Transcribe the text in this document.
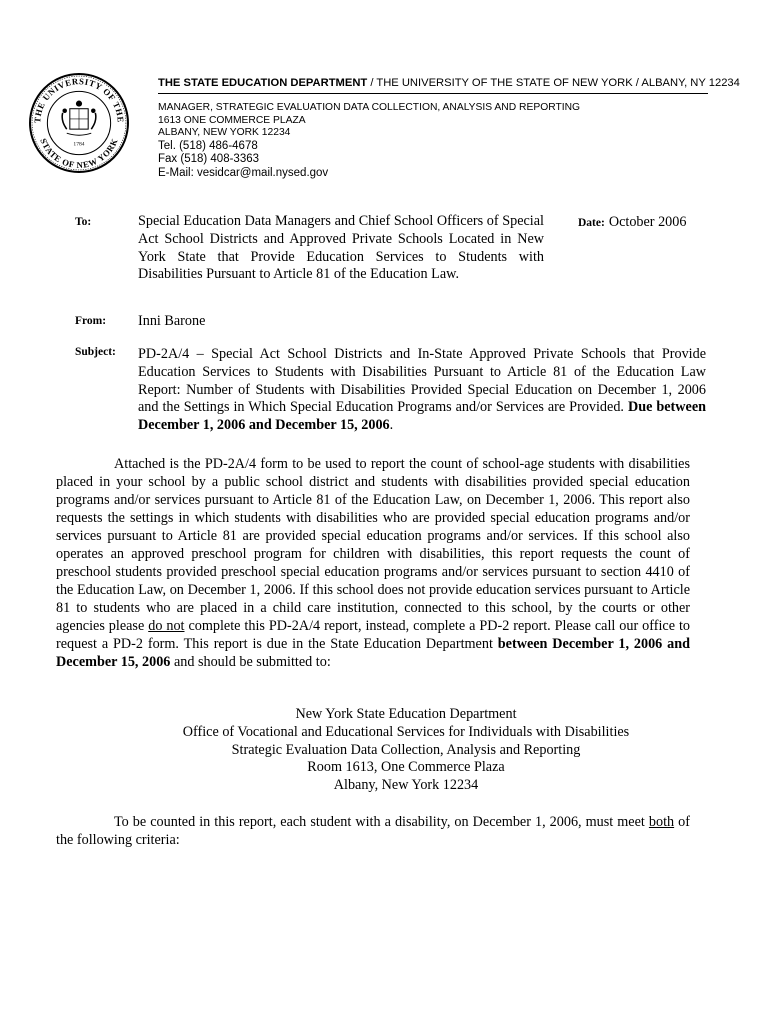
THE UNIVERSITY OF THE
STATE OF NEW YORK
1784
THE STATE EDUCATION DEPARTMENT / THE UNIVERSITY OF THE STATE OF NEW YORK / ALBANY, NY 12234
MANAGER, STRATEGIC EVALUATION DATA COLLECTION, ANALYSIS AND REPORTING
1613 ONE COMMERCE PLAZA
ALBANY, NEW YORK 12234
Tel. (518) 486-4678
Fax (518) 408-3363
E-Mail: vesidcar@mail.nysed.gov
To:	Special Education Data Managers and Chief School Officers of Special Act School Districts and Approved Private Schools Located in New York State that Provide Education Services to Students with Disabilities Pursuant to Article 81 of the Education Law.
Date: October 2006
From: Inni Barone
Subject: PD-2A/4 – Special Act School Districts and In-State Approved Private Schools that Provide Education Services to Students with Disabilities Pursuant to Article 81 of the Education Law Report: Number of Students with Disabilities Provided Special Education on December 1, 2006 and the Settings in Which Special Education Programs and/or Services are Provided. Due between December 1, 2006 and December 15, 2006.
Attached is the PD-2A/4 form to be used to report the count of school-age students with disabilities placed in your school by a public school district and students with disabilities provided special education programs and/or services pursuant to Article 81 of the Education Law, on December 1, 2006. This report also requests the settings in which students with disabilities who are provided special education programs and/or services pursuant to Article 81 are provided special education programs and/or services. If this school also operates an approved preschool program for children with disabilities, this report requests the count of preschool students provided preschool special education programs and/or services pursuant to section 4410 of the Education Law, on December 1, 2006. If this school does not provide education services pursuant to Article 81 to students who are placed in a child care institution, connected to this school, by the courts or other agencies please do not complete this PD-2A/4 report, instead, complete a PD-2 report. Please call our office to request a PD-2 form. This report is due in the State Education Department between December 1, 2006 and December 15, 2006 and should be submitted to:
New York State Education Department
Office of Vocational and Educational Services for Individuals with Disabilities
Strategic Evaluation Data Collection, Analysis and Reporting
Room 1613, One Commerce Plaza
Albany, New York 12234
To be counted in this report, each student with a disability, on December 1, 2006, must meet both of the following criteria:
